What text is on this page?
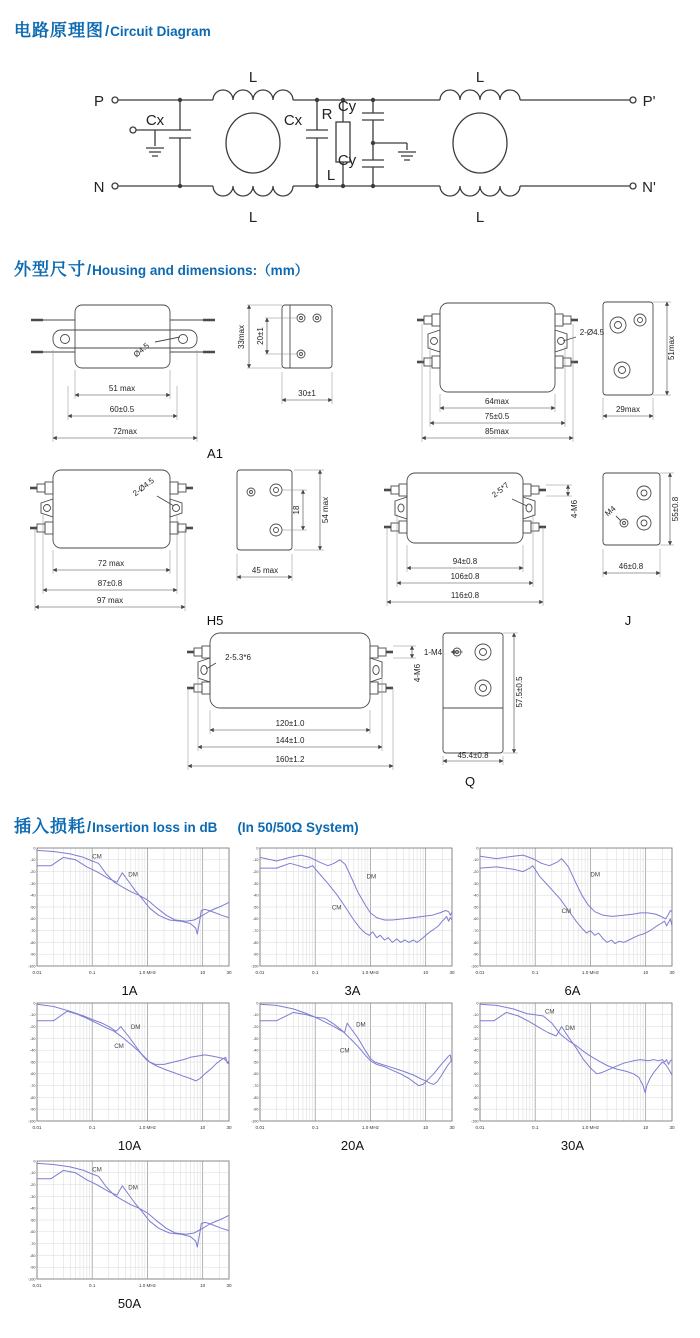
电路原理图/Circuit Diagram
P
N
P'
N'
L	L
L	L
L
Cx	Cx R Cy
Cy
外型尺寸/Housing and dimensions:（mm）
Ø4.5
51 max
60±0.5
72max
A1
33max 20±1
30±1
2-Ø4.5
64max
75±0.5
85max
51max
29max
2-Ø4.5
72 max
87±0.8
97 max
H5
18	54 max
45 max
2-5*7
4-M6
94±0.8
106±0.8
116±0.8
J
M4	55±0.8
46±0.8
2-5.3*6
4-M6
120±1.0
144±1.0
160±1.2
1-M4
57.5±0.5
45.4±0.8
Q
插入损耗/Insertion loss in dB (In 50/50Ω System)
0
-10
-20
-30
-40
-50
-60
-70
-80
-90
-100
0.01	0.1	1.0 MHz	10	30
CM
DM
0
-10
-20
-30
-40
-50
-60
-70
-80
-90
-100
0.01	0.1	1.0 MHz	10	30
DM
CM
0
-10
-20
-30
-40
-50
-60
-70
-80
-90
-100
0.01	0.1	1.0 MHz	10	30
DM
CM
1A	3A	6A
0
-10
-20
-30
-40
-50
-60
-70
-80
-90
-100
0.01	0.1	1.0 MHz	10	30
DM
CM
0
-10
-20
-30
-40
-50
-60
-70
-80
-90
-100
0.01	0.1	1.0 MHz	10	30
DM
CM
0
-10
-20
-30
-40
-50
-60
-70
-80
-90
-100
0.01	0.1	1.0 MHz	10	30
CM
DM
10A	20A	30A
0
-10
-20
-30
-40
-50
-60
-70
-80
-90
-100
0.01	0.1	1.0 MHz	10	30
CM
DM
50A
